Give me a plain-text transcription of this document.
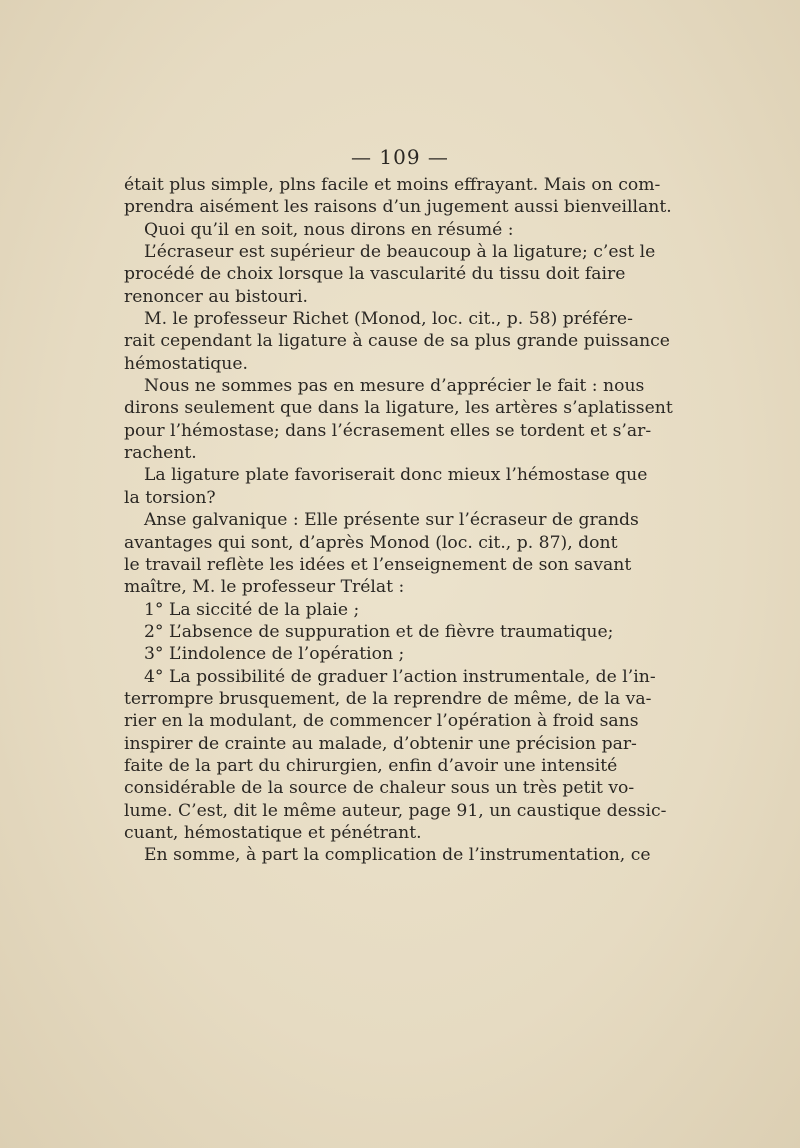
— 109 —
était plus simple, plns facile et moins effrayant. Mais on com-
prendra aisément les raisons d’un jugement aussi bienveillant.
Quoi qu’il en soit, nous dirons en résumé :
L’écraseur est supérieur de beaucoup à la ligature; c’est le
procédé de choix lorsque la vascularité du tissu doit faire
renoncer au bistouri.
M. le professeur Richet (Monod, loc. cit., p. 58) préfére-
rait cependant la ligature à cause de sa plus grande puissance
hémostatique.
Nous ne sommes pas en mesure d’apprécier le fait : nous
dirons seulement que dans la ligature, les artères s’aplatissent
pour l’hémostase; dans l’écrasement elles se tordent et s’ar-
rachent.
La ligature plate favoriserait donc mieux l’hémostase que
la torsion?
Anse galvanique : Elle présente sur l’écraseur de grands
avantages qui sont, d’après Monod (loc. cit., p. 87), dont
le travail reflète les idées et l’enseignement de son savant
maître, M. le professeur Trélat :
1° La siccité de la plaie ;
2° L’absence de suppuration et de fièvre traumatique;
3° L’indolence de l’opération ;
4° La possibilité de graduer l’action instrumentale, de l’in-
terrompre brusquement, de la reprendre de même, de la va-
rier en la modulant, de commencer l’opération à froid sans
inspirer de crainte au malade, d’obtenir une précision par-
faite de la part du chirurgien, enfin d’avoir une intensité
considérable de la source de chaleur sous un très petit vo-
lume. C’est, dit le même auteur, page 91, un caustique dessic-
cuant, hémostatique et pénétrant.
En somme, à part la complication de l’instrumentation, ce
